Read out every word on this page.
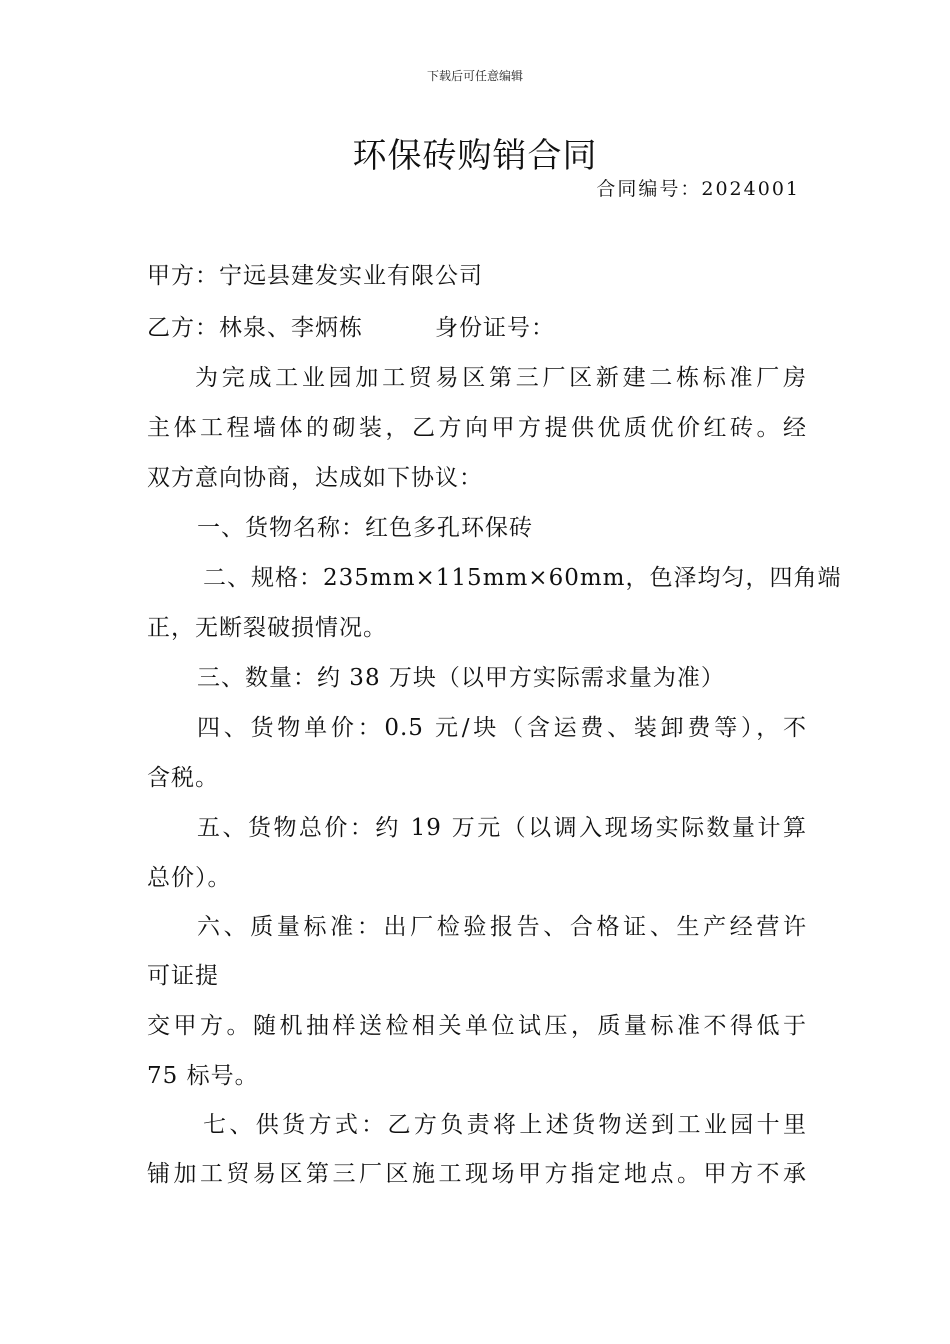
下载后可任意编辑
环保砖购销合同
合同编号：2024001
甲方：宁远县建发实业有限公司
乙方：林泉、李炳栋　　　身份证号：
为完成工业园加工贸易区第三厂区新建二栋标准厂房
主体工程墙体的砌装，乙方向甲方提供优质优价红砖。经
双方意向协商，达成如下协议：
一、货物名称：红色多孔环保砖
二、规格：235mm×115mm×60mm，色泽均匀，四角端
正，无断裂破损情况。
三、数量：约 38 万块（以甲方实际需求量为准）
四、货物单价：0.5 元/块（含运费、装卸费等），不
含税。
五、货物总价：约 19 万元（以调入现场实际数量计算
总价）。
六、质量标准：出厂检验报告、合格证、生产经营许
可证提
交甲方。随机抽样送检相关单位试压，质量标准不得低于
75 标号。
七、供货方式：乙方负责将上述货物送到工业园十里
铺加工贸易区第三厂区施工现场甲方指定地点。甲方不承
